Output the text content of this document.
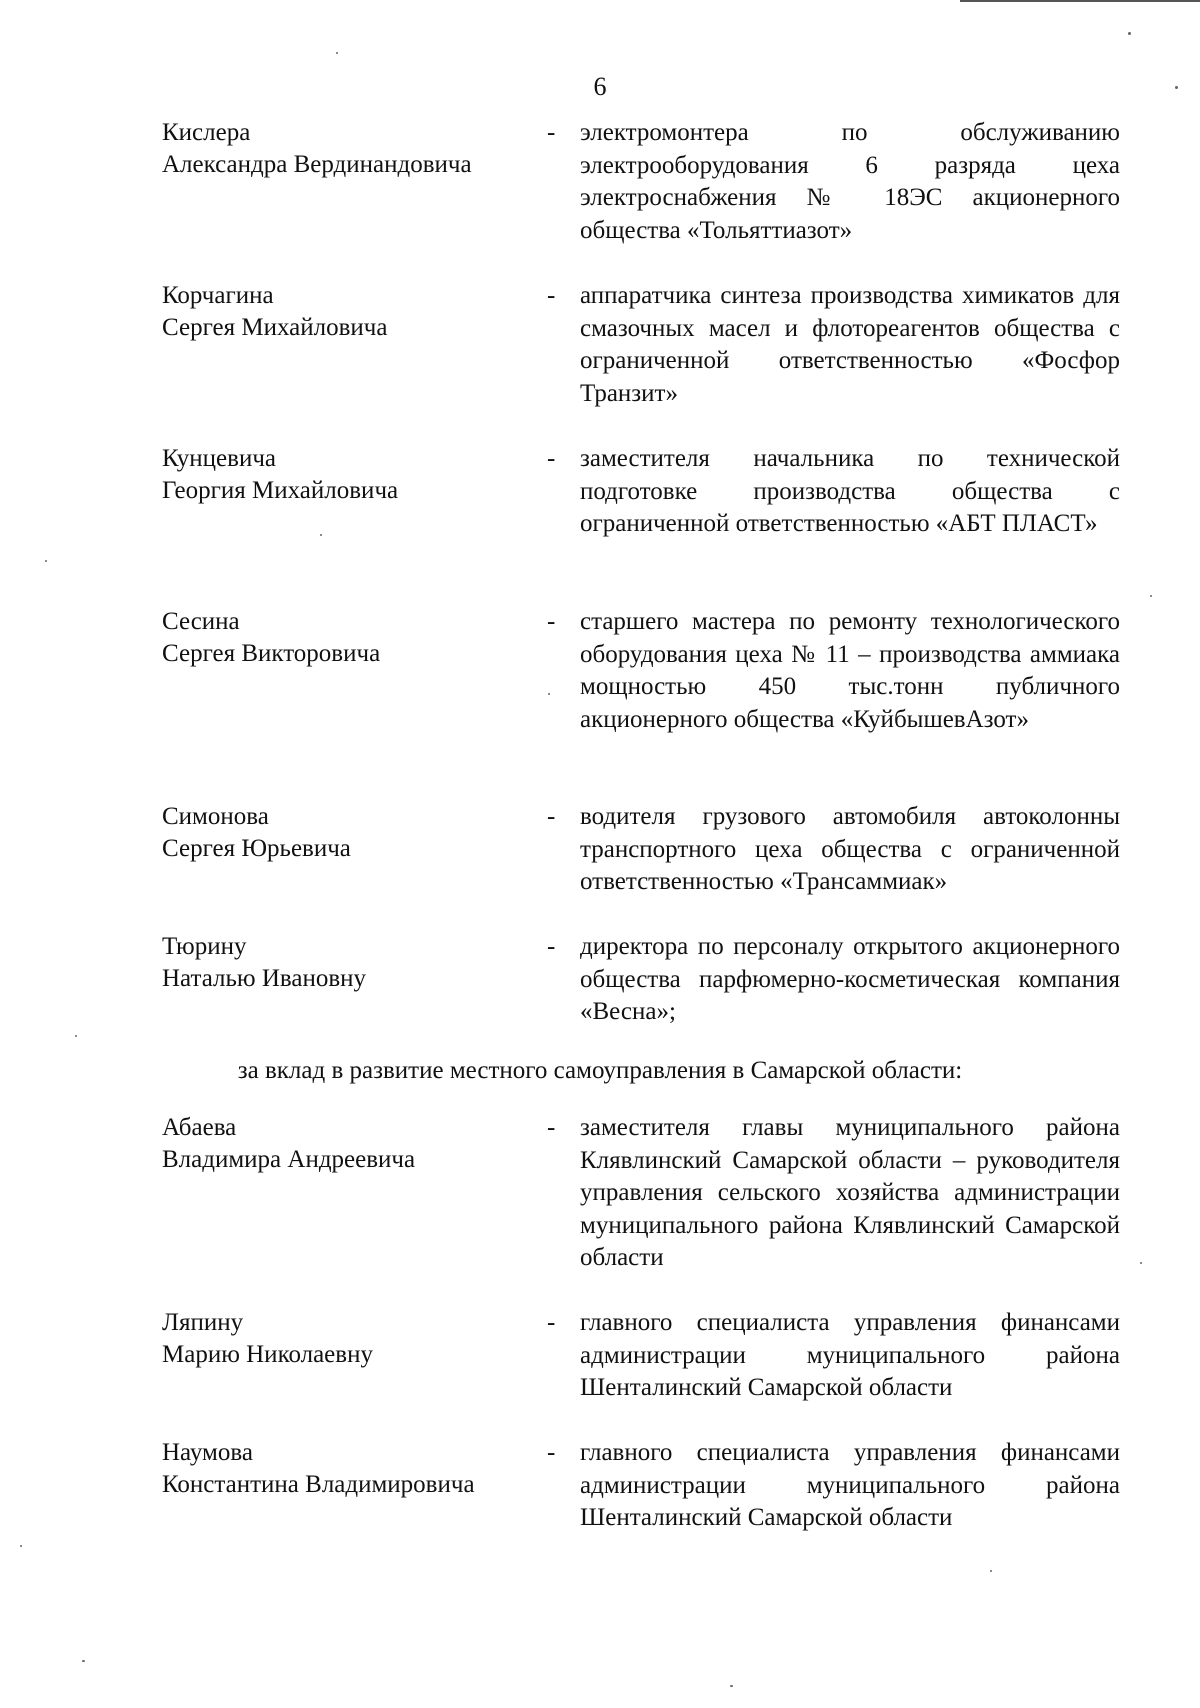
6
Кислера
Александра Вердинандовича
- электромонтера по обслуживанию электрооборудования 6 разряда цеха электроснабжения № 18ЭС акционерного общества «Тольяттиазот»
Корчагина
Сергея Михайловича
- аппаратчика синтеза производства химикатов для смазочных масел и флотореагентов общества с ограниченной ответственностью «Фосфор Транзит»
Кунцевича
Георгия Михайловича
- заместителя начальника по технической подготовке производства общества с ограниченной ответственностью «АБТ ПЛАСТ»
Сесина
Сергея Викторовича
- старшего мастера по ремонту технологического оборудования цеха № 11 – производства аммиака мощностью 450 тыс.тонн публичного акционерного общества «КуйбышевАзот»
Симонова
Сергея Юрьевича
- водителя грузового автомобиля автоколонны транспортного цеха общества с ограниченной ответственностью «Трансаммиак»
Тюрину
Наталью Ивановну
- директора по персоналу открытого акционерного общества парфюмерно-косметическая компания «Весна»;
за вклад в развитие местного самоуправления в Самарской области:
Абаева
Владимира Андреевича
- заместителя главы муниципального района Клявлинский Самарской области – руководителя управления сельского хозяйства администрации муниципального района Клявлинский Самарской области
Ляпину
Марию Николаевну
- главного специалиста управления финансами администрации муниципального района Шенталинский Самарской области
Наумова
Константина Владимировича
- главного специалиста управления финансами администрации муниципального района Шенталинский Самарской области
